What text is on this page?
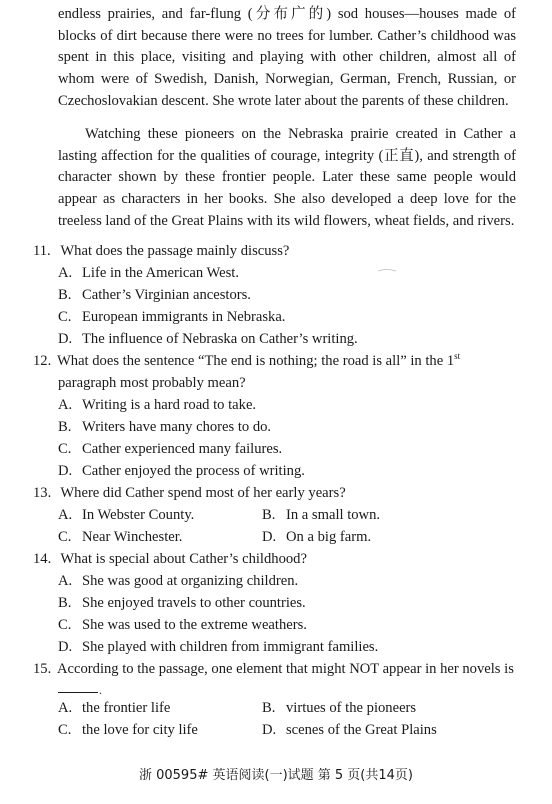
endless prairies, and far-flung (分布广的) sod houses—houses made of blocks of dirt because there were no trees for lumber. Cather’s childhood was spent in this place, visiting and playing with other children, almost all of whom were of Swedish, Danish, Norwegian, German, French, Russian, or Czechoslovakian descent. She wrote later about the parents of these children.

Watching these pioneers on the Nebraska prairie created in Cather a lasting affection for the qualities of courage, integrity (正直), and strength of character shown by these frontier people. Later these same people would appear as characters in her books. She also developed a deep love for the treeless land of the Great Plains with its wild flowers, wheat fields, and rivers.

11. What does the passage mainly discuss?
A. Life in the American West.
B. Cather’s Virginian ancestors.
C. European immigrants in Nebraska.
D. The influence of Nebraska on Cather’s writing.
12. What does the sentence “The end is nothing; the road is all” in the 1st
paragraph most probably mean?
A. Writing is a hard road to take.
B. Writers have many chores to do.
C. Cather experienced many failures.
D. Cather enjoyed the process of writing.
13. Where did Cather spend most of her early years?
A. In Webster County.	B. In a small town.
C. Near Winchester.	D. On a big farm.
14. What is special about Cather’s childhood?
A. She was good at organizing children.
B. She enjoyed travels to other countries.
C. She was used to the extreme weathers.
D. She played with children from immigrant families.
15. According to the passage, one element that might NOT appear in her novels is
.
A. the frontier life	B. virtues of the pioneers
C. the love for city life	D. scenes of the Great Plains
浙 00595# 英语阅读(一)试题 第 5 页(共14页)
